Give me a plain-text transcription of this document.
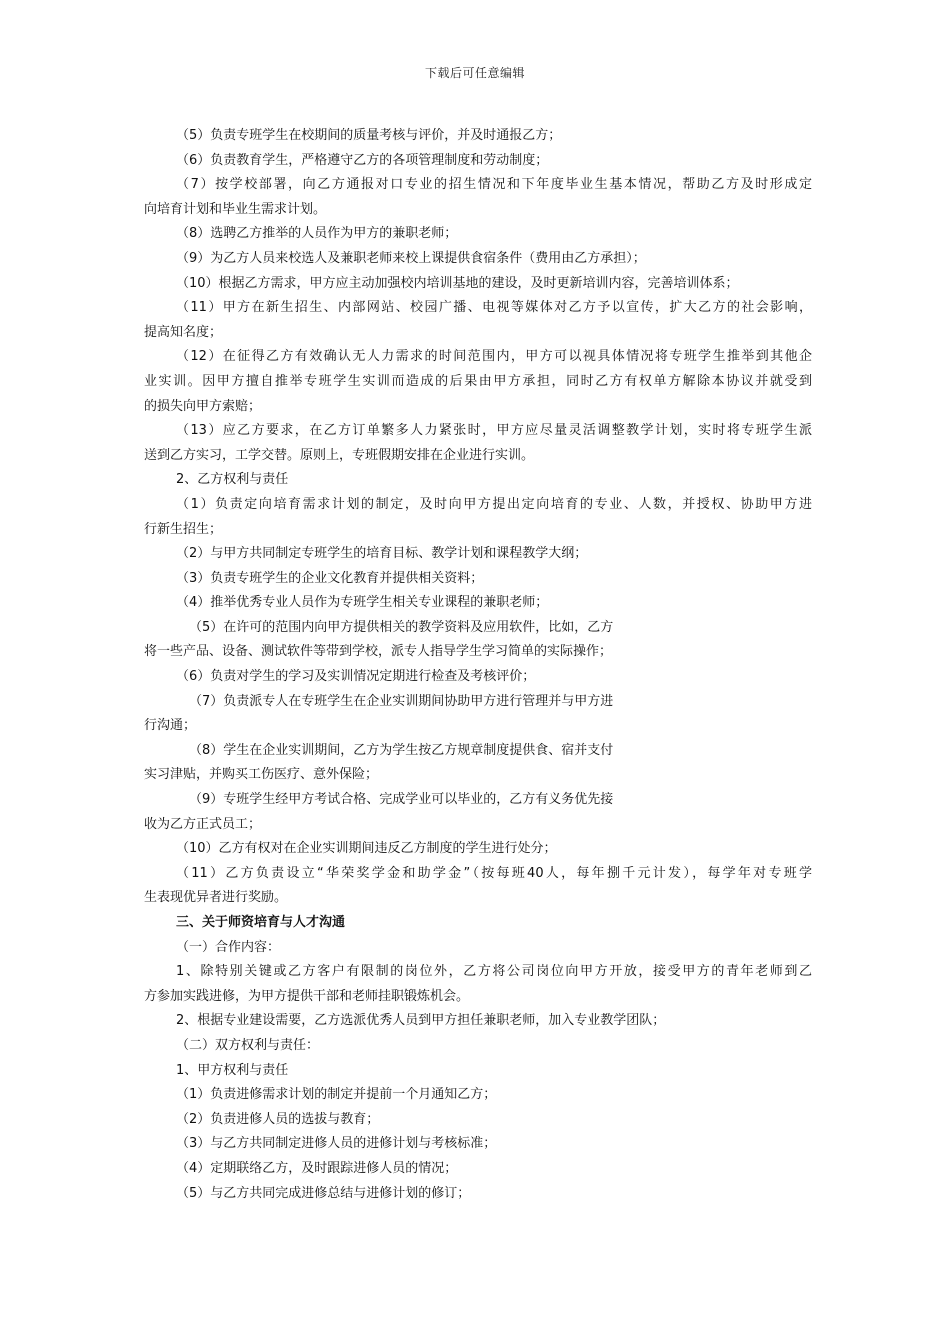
下载后可任意编辑
（5）负责专班学生在校期间的质量考核与评价，并及时通报乙方；
（6）负责教育学生，严格遵守乙方的各项管理制度和劳动制度；
（7）按学校部署，向乙方通报对口专业的招生情况和下年度毕业生基本情况，帮助乙方及时形成定
向培育计划和毕业生需求计划。
（8）选聘乙方推举的人员作为甲方的兼职老师；
（9）为乙方人员来校选人及兼职老师来校上课提供食宿条件（费用由乙方承担）；
（10）根据乙方需求，甲方应主动加强校内培训基地的建设，及时更新培训内容，完善培训体系；
（11）甲方在新生招生、内部网站、校园广播、电视等媒体对乙方予以宣传，扩大乙方的社会影响，
提高知名度；
（12）在征得乙方有效确认无人力需求的时间范围内，甲方可以视具体情况将专班学生推举到其他企
业实训。因甲方擅自推举专班学生实训而造成的后果由甲方承担，同时乙方有权单方解除本协议并就受到
的损失向甲方索赔；
（13）应乙方要求，在乙方订单繁多人力紧张时，甲方应尽量灵活调整教学计划，实时将专班学生派
送到乙方实习，工学交替。原则上，专班假期安排在企业进行实训。
2、乙方权利与责任
（1）负责定向培育需求计划的制定，及时向甲方提出定向培育的专业、人数，并授权、协助甲方进
行新生招生；
（2）与甲方共同制定专班学生的培育目标、教学计划和课程教学大纲；
（3）负责专班学生的企业文化教育并提供相关资料；
（4）推举优秀专业人员作为专班学生相关专业课程的兼职老师；
（5）在许可的范围内向甲方提供相关的教学资料及应用软件，比如，乙方
将一些产品、设备、测试软件等带到学校，派专人指导学生学习简单的实际操作；
（6）负责对学生的学习及实训情况定期进行检查及考核评价；
（7）负责派专人在专班学生在企业实训期间协助甲方进行管理并与甲方进
行沟通；
（8）学生在企业实训期间，乙方为学生按乙方规章制度提供食、宿并支付
实习津贴，并购买工伤医疗、意外保险；
（9）专班学生经甲方考试合格、完成学业可以毕业的，乙方有义务优先接
收为乙方正式员工；
（10）乙方有权对在企业实训期间违反乙方制度的学生进行处分；
（11）乙方负责设立“华荣奖学金和助学金”（按每班40人，每年捌千元计发），每学年对专班学
生表现优异者进行奖励。
三、关于师资培育与人才沟通
（一）合作内容：
1、除特别关键或乙方客户有限制的岗位外，乙方将公司岗位向甲方开放，接受甲方的青年老师到乙
方参加实践进修，为甲方提供干部和老师挂职锻炼机会。
2、根据专业建设需要，乙方选派优秀人员到甲方担任兼职老师，加入专业教学团队；
（二）双方权利与责任：
1、甲方权利与责任
（1）负责进修需求计划的制定并提前一个月通知乙方；
（2）负责进修人员的选拔与教育；
（3）与乙方共同制定进修人员的进修计划与考核标准；
（4）定期联络乙方，及时跟踪进修人员的情况；
（5）与乙方共同完成进修总结与进修计划的修订；
